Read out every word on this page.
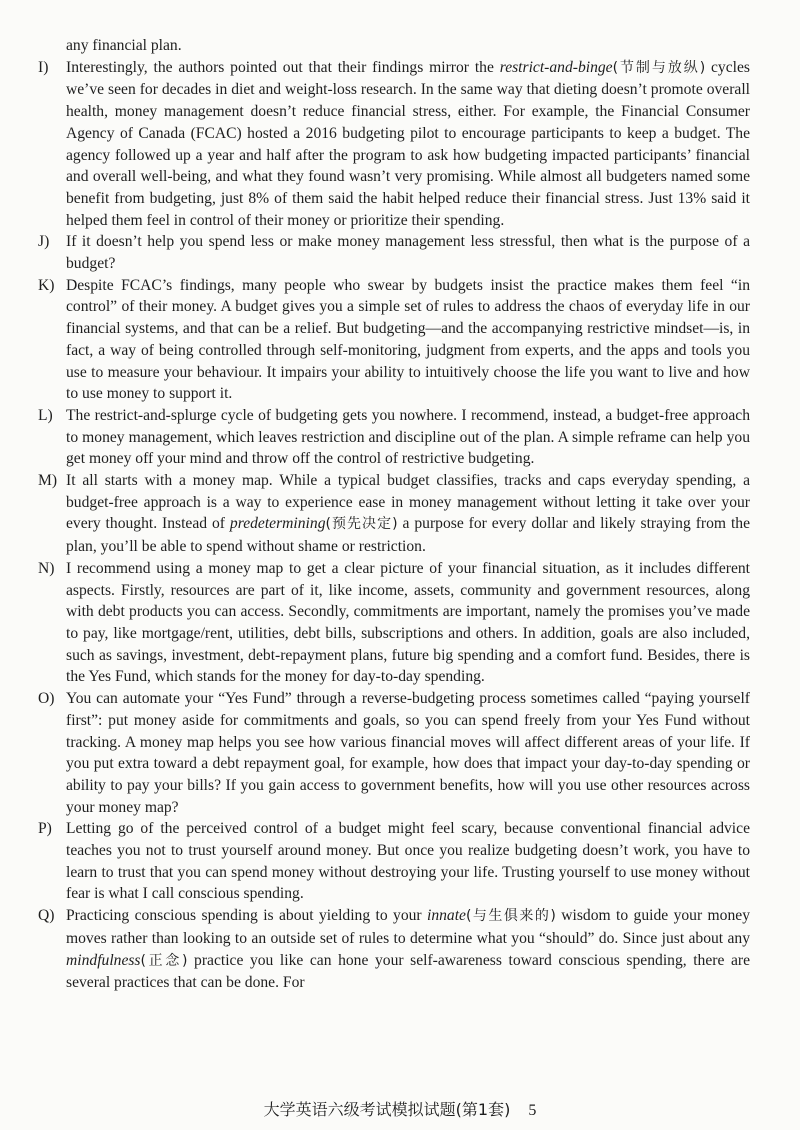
any financial plan.
I) Interestingly, the authors pointed out that their findings mirror the restrict-and-binge(节制与放纵) cycles we’ve seen for decades in diet and weight-loss research. In the same way that dieting doesn’t promote overall health, money management doesn’t reduce financial stress, either. For example, the Financial Consumer Agency of Canada (FCAC) hosted a 2016 budgeting pilot to encourage participants to keep a budget. The agency followed up a year and half after the program to ask how budgeting impacted participants’ financial and overall well-being, and what they found wasn’t very promising. While almost all budgeters named some benefit from budgeting, just 8% of them said the habit helped reduce their financial stress. Just 13% said it helped them feel in control of their money or prioritize their spending.
J) If it doesn’t help you spend less or make money management less stressful, then what is the purpose of a budget?
K) Despite FCAC’s findings, many people who swear by budgets insist the practice makes them feel “in control” of their money. A budget gives you a simple set of rules to address the chaos of everyday life in our financial systems, and that can be a relief. But budgeting—and the accompanying restrictive mindset—is, in fact, a way of being controlled through self-monitoring, judgment from experts, and the apps and tools you use to measure your behaviour. It impairs your ability to intuitively choose the life you want to live and how to use money to support it.
L) The restrict-and-splurge cycle of budgeting gets you nowhere. I recommend, instead, a budget-free approach to money management, which leaves restriction and discipline out of the plan. A simple reframe can help you get money off your mind and throw off the control of restrictive budgeting.
M) It all starts with a money map. While a typical budget classifies, tracks and caps everyday spending, a budget-free approach is a way to experience ease in money management without letting it take over your every thought. Instead of predetermining(预先决定) a purpose for every dollar and likely straying from the plan, you’ll be able to spend without shame or restriction.
N) I recommend using a money map to get a clear picture of your financial situation, as it includes different aspects. Firstly, resources are part of it, like income, assets, community and government resources, along with debt products you can access. Secondly, commitments are important, namely the promises you’ve made to pay, like mortgage/rent, utilities, debt bills, subscriptions and others. In addition, goals are also included, such as savings, investment, debt-repayment plans, future big spending and a comfort fund. Besides, there is the Yes Fund, which stands for the money for day-to-day spending.
O) You can automate your “Yes Fund” through a reverse-budgeting process sometimes called “paying yourself first”: put money aside for commitments and goals, so you can spend freely from your Yes Fund without tracking. A money map helps you see how various financial moves will affect different areas of your life. If you put extra toward a debt repayment goal, for example, how does that impact your day-to-day spending or ability to pay your bills? If you gain access to government benefits, how will you use other resources across your money map?
P) Letting go of the perceived control of a budget might feel scary, because conventional financial advice teaches you not to trust yourself around money. But once you realize budgeting doesn’t work, you have to learn to trust that you can spend money without destroying your life. Trusting yourself to use money without fear is what I call conscious spending.
Q) Practicing conscious spending is about yielding to your innate(与生俱来的) wisdom to guide your money moves rather than looking to an outside set of rules to determine what you “should” do. Since just about any mindfulness(正念) practice you like can hone your self-awareness toward conscious spending, there are several practices that can be done. For
大学英语六级考试模拟试题(第1套) 5
